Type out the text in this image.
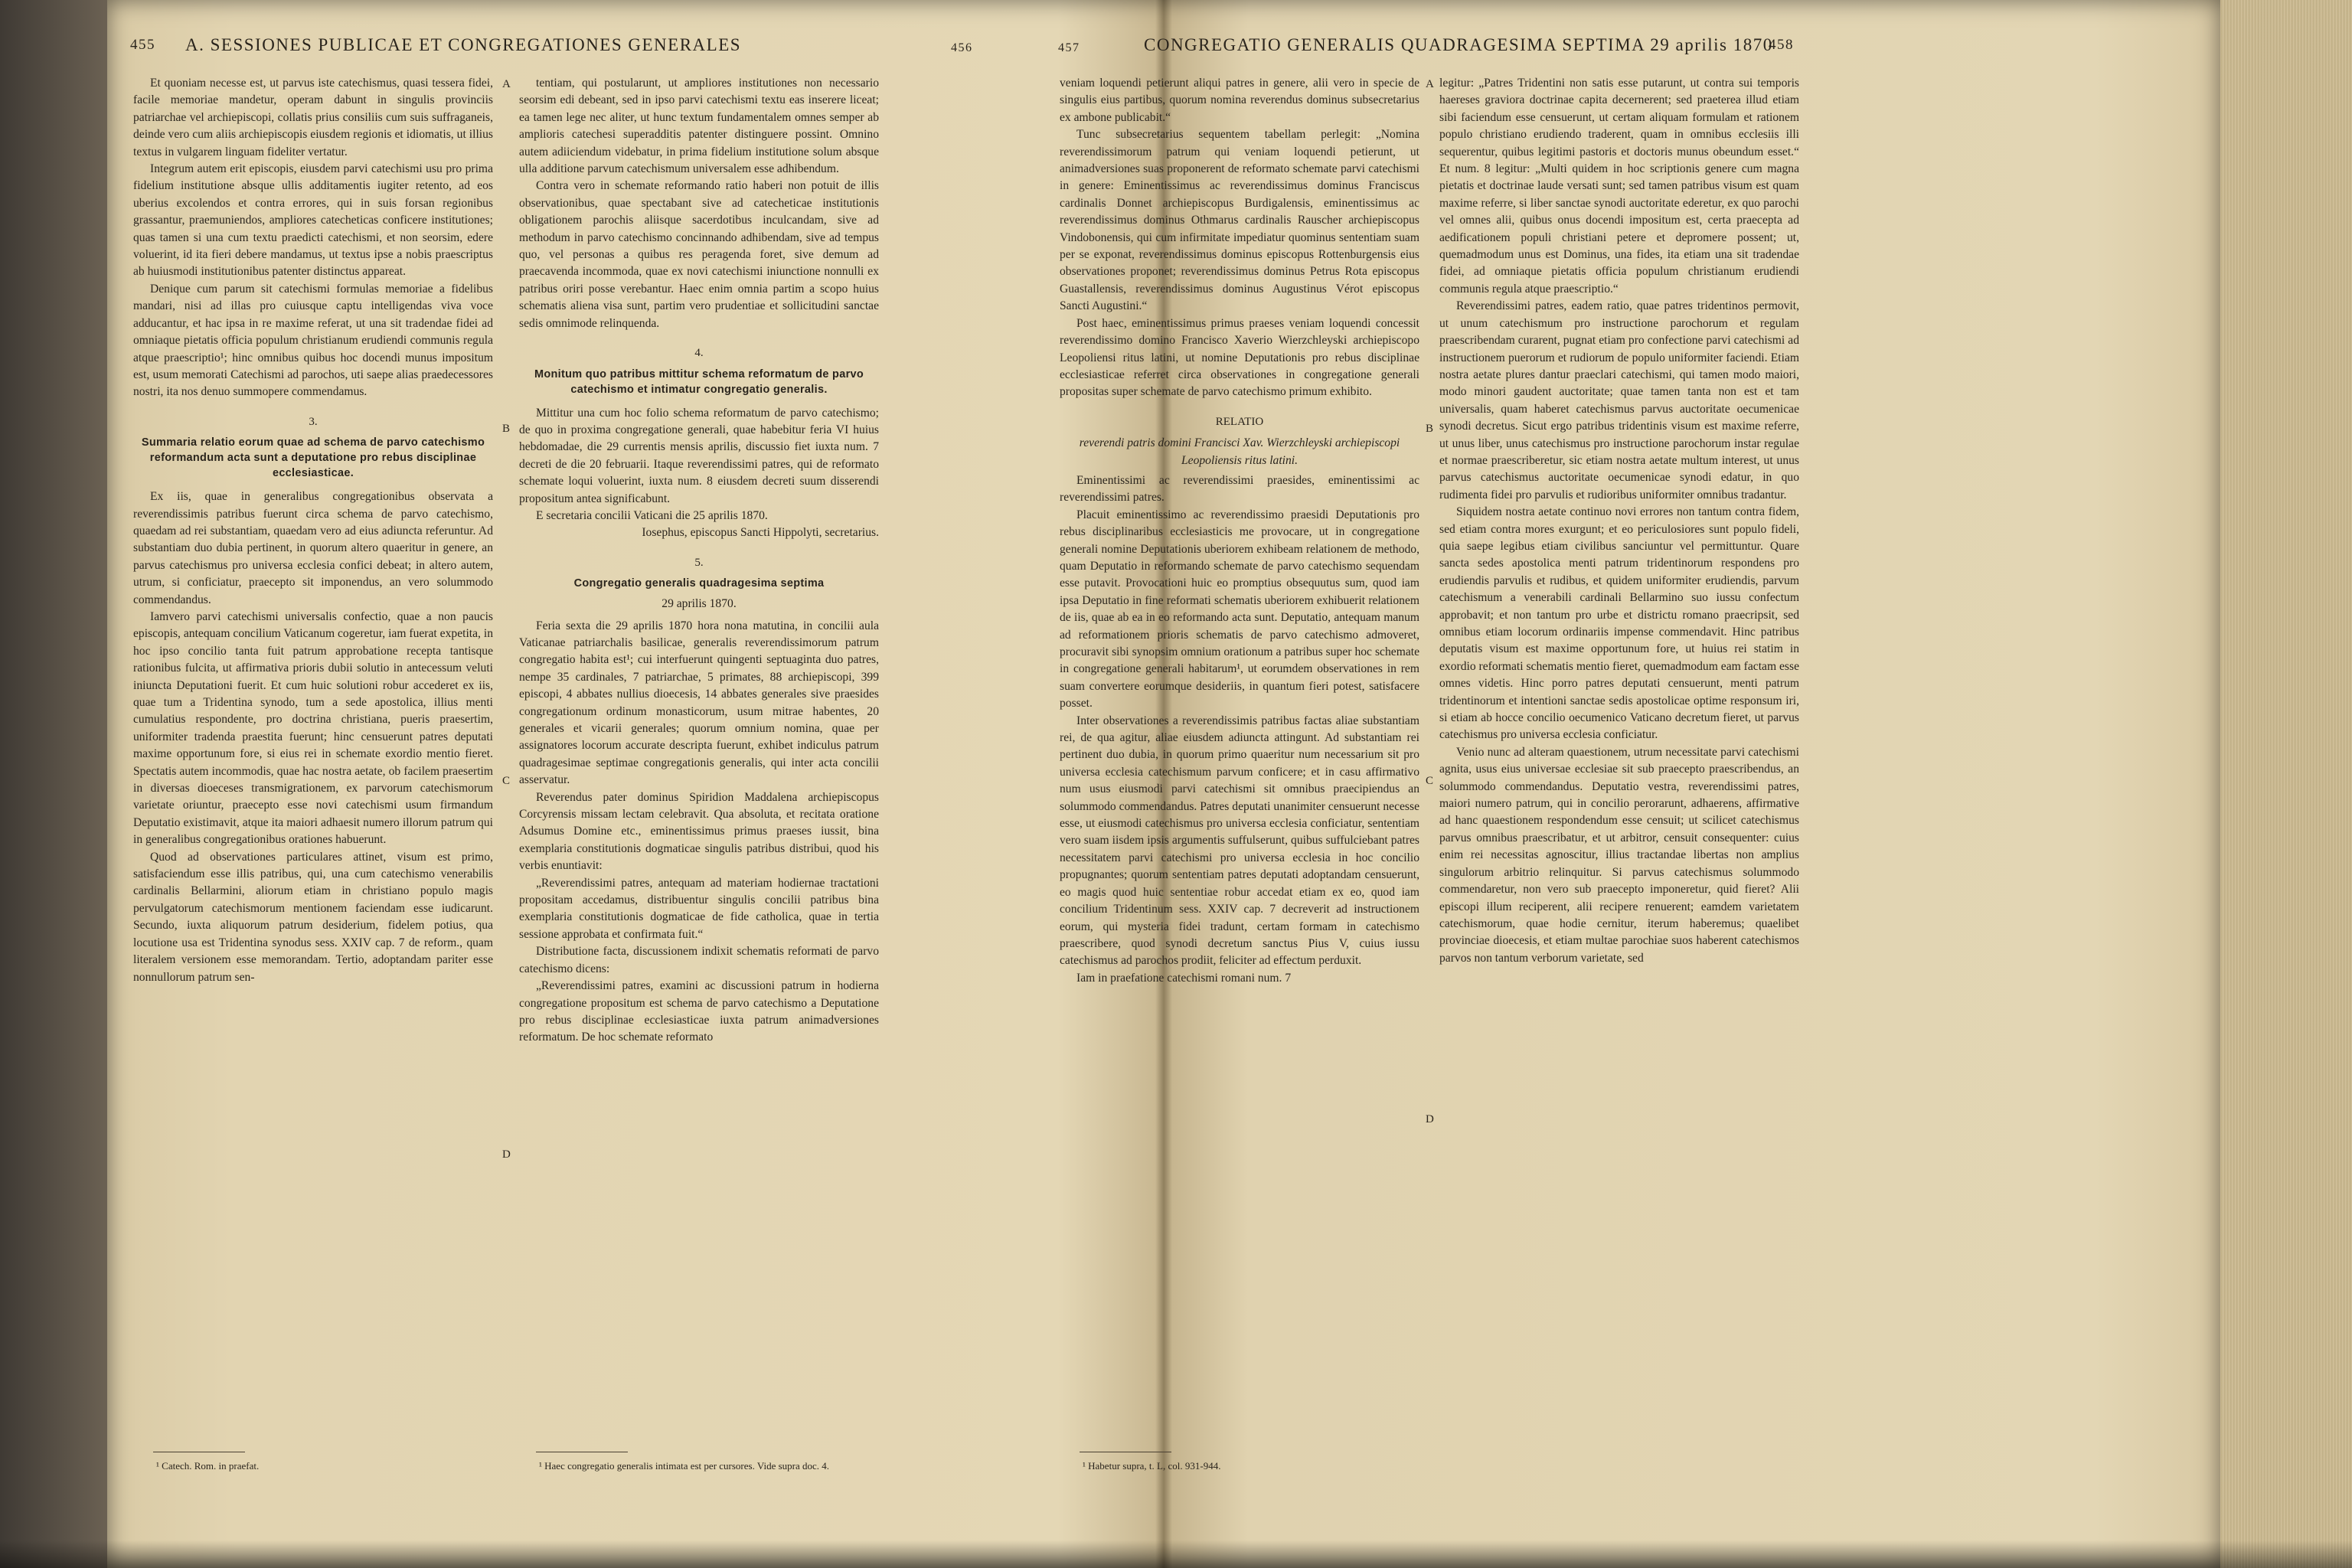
455 A. SESSIONES PUBLICAE ET CONGREGATIONES GENERALES	456

Et quoniam necesse est, ut parvus iste catechismus, quasi tessera fidei, facile memoriae mandetur, operam dabunt in singulis provinciis patriarchae vel archiepiscopi, collatis prius consiliis cum suis suffraganeis, deinde vero cum aliis archiepiscopis eiusdem regionis et idiomatis, ut illius textus in vulgarem linguam fideliter vertatur.

Integrum autem erit episcopis, eiusdem parvi catechismi usu pro prima fidelium institutione absque ullis additamentis iugiter retento, ad eos uberius excolendos et contra errores, qui in suis forsan regionibus grassantur, praemuniendos, ampliores catecheticas conficere institutiones; quas tamen si una cum textu praedicti catechismi, et non seorsim, edere voluerint, id ita fieri debere mandamus, ut textus ipse a nobis praescriptus ab huiusmodi institutionibus patenter distinctus appareat.

Denique cum parum sit catechismi formulas memoriae a fidelibus mandari, nisi ad illas pro cuiusque captu intelligendas viva voce adducantur, et hac ipsa in re maxime referat, ut una sit tradendae fidei ad omniaque pietatis officia populum christianum erudiendi communis regula atque praescriptio¹; hinc omnibus quibus hoc docendi munus impositum est, usum memorati Catechismi ad parochos, uti saepe alias praedecessores nostri, ita nos denuo summopere commendamus.

3.
Summaria relatio eorum quae ad schema de parvo catechismo reformandum acta sunt a deputatione pro rebus disciplinae ecclesiasticae.

Ex iis, quae in generalibus congregationibus observata a reverendissimis patribus fuerunt circa schema de parvo catechismo, quaedam ad rei substantiam, quaedam vero ad eius adiuncta referuntur. Ad substantiam duo dubia pertinent, in quorum altero quaeritur in genere, an parvus catechismus pro universa ecclesia confici debeat; in altero autem, utrum, si conficiatur, praecepto sit imponendus, an vero solummodo commendandus.

Iamvero parvi catechismi universalis confectio, quae a non paucis episcopis, antequam concilium Vaticanum cogeretur, iam fuerat expetita, in hoc ipso concilio tanta fuit patrum approbatione recepta tantisque rationibus fulcita, ut affirmativa prioris dubii solutio in antecessum veluti iniuncta Deputationi fuerit. Et cum huic solutioni robur accederet ex iis, quae tum a Tridentina synodo, tum a sede apostolica, illius menti cumulatius respondente, pro doctrina christiana, pueris praesertim, uniformiter tradenda praestita fuerunt; hinc censuerunt patres deputati maxime opportunum fore, si eius rei in schemate exordio mentio fieret. Spectatis autem incommodis, quae hac nostra aetate, ob facilem praesertim in diversas dioeceses transmigrationem, ex parvorum catechismorum varietate oriuntur, praecepto esse novi catechismi usum firmandum Deputatio existimavit, atque ita maiori adhaesit numero illorum patrum qui in generalibus congregationibus orationes habuerunt.

Quod ad observationes particulares attinet, visum est primo, satisfaciendum esse illis patribus, qui, una cum catechismo venerabilis cardinalis Bellarmini, aliorum etiam in christiano populo magis pervulgatorum catechismorum mentionem faciendam esse iudicarunt. Secundo, iuxta aliquorum patrum desiderium, fidelem potius, qua locutione usa est Tridentina synodus sess. XXIV cap. 7 de reform., quam literalem versionem esse memorandam. Tertio, adoptandam pariter esse nonnullorum patrum sen-

¹ Catech. Rom. in praefat.
A
B
C
D

tentiam, qui postularunt, ut ampliores institutiones non necessario seorsim edi debeant, sed in ipso parvi catechismi textu eas inserere liceat; ea tamen lege nec aliter, ut hunc textum fundamentalem omnes semper ab amplioris catechesi superadditis patenter distinguere possint. Omnino autem adiiciendum videbatur, in prima fidelium institutione solum absque ulla additione parvum catechismum universalem esse adhibendum.

Contra vero in schemate reformando ratio haberi non potuit de illis observationibus, quae spectabant sive ad catecheticae institutionis obligationem parochis aliisque sacerdotibus inculcandam, sive ad methodum in parvo catechismo concinnando adhibendam, sive ad tempus quo, vel personas a quibus res peragenda foret, sive demum ad praecavenda incommoda, quae ex novi catechismi iniunctione nonnulli ex patribus oriri posse verebantur. Haec enim omnia partim a scopo huius schematis aliena visa sunt, partim vero prudentiae et sollicitudini sanctae sedis omnimode relinquenda.

4.
Monitum quo patribus mittitur schema reformatum de parvo catechismo et intimatur congregatio generalis.

Mittitur una cum hoc folio schema reformatum de parvo catechismo; de quo in proxima congregatione generali, quae habebitur feria VI huius hebdomadae, die 29 currentis mensis aprilis, discussio fiet iuxta num. 7 decreti de die 20 februarii. Itaque reverendissimi patres, qui de reformato schemate loqui voluerint, iuxta num. 8 eiusdem decreti suum disserendi propositum antea significabunt.

E secretaria concilii Vaticani die 25 aprilis 1870.

Iosephus, episcopus Sancti Hippolyti, secretarius.

5.
Congregatio generalis quadragesima septima
29 aprilis 1870.

Feria sexta die 29 aprilis 1870 hora nona matutina, in concilii aula Vaticanae patriarchalis basilicae, generalis reverendissimorum patrum congregatio habita est¹; cui interfuerunt quingenti septuaginta duo patres, nempe 35 cardinales, 7 patriarchae, 5 primates, 88 archiepiscopi, 399 episcopi, 4 abbates nullius dioecesis, 14 abbates generales sive praesides congregationum ordinum monasticorum, usum mitrae habentes, 20 generales et vicarii generales; quorum omnium nomina, quae per assignatores locorum accurate descripta fuerunt, exhibet indiculus patrum quadragesimae septimae congregationis generalis, qui inter acta concilii asservatur.

Reverendus pater dominus Spiridion Maddalena archiepiscopus Corcyrensis missam lectam celebravit. Qua absoluta, et recitata oratione Adsumus Domine etc., eminentissimus primus praeses iussit, bina exemplaria constitutionis dogmaticae singulis patribus distribui, quod his verbis enuntiavit:

„Reverendissimi patres, antequam ad materiam hodiernae tractationi propositam accedamus, distribuentur singulis concilii patribus bina exemplaria constitutionis dogmaticae de fide catholica, quae in tertia sessione approbata et confirmata fuit.“

Distributione facta, discussionem indixit schematis reformati de parvo catechismo dicens:

„Reverendissimi patres, examini ac discussioni patrum in hodierna congregatione propositum est schema de parvo catechismo a Deputatione pro rebus disciplinae ecclesiasticae iuxta patrum animadversiones reformatum. De hoc schemate reformato

¹ Haec congregatio generalis intimata est per cursores. Vide supra doc. 4.
457	CONGREGATIO GENERALIS QUADRAGESIMA SEPTIMA 29 aprilis 1870
458

veniam loquendi petierunt aliqui patres in genere, alii vero in specie de singulis eius partibus, quorum nomina reverendus dominus subsecretarius ex ambone publicabit.“

Tunc subsecretarius sequentem tabellam perlegit: „Nomina reverendissimorum patrum qui veniam loquendi petierunt, ut animadversiones suas proponerent de reformato schemate parvi catechismi in genere: Eminentissimus ac reverendissimus dominus Franciscus cardinalis Donnet archiepiscopus Burdigalensis, eminentissimus ac reverendissimus dominus Othmarus cardinalis Rauscher archiepiscopus Vindobonensis, qui cum infirmitate impediatur quominus sententiam suam per se exponat, reverendissimus dominus episcopus Rottenburgensis eius observationes proponet; reverendissimus dominus Petrus Rota episcopus Guastallensis, reverendissimus dominus Augustinus Vérot episcopus Sancti Augustini.“

Post haec, eminentissimus primus praeses veniam loquendi concessit reverendissimo domino Francisco Xaverio Wierzchleyski archiepiscopo Leopoliensi ritus latini, ut nomine Deputationis pro rebus disciplinae ecclesiasticae referret circa observationes in congregatione generali propositas super schemate de parvo catechismo primum exhibito.

RELATIO
reverendi patris domini Francisci Xav. Wierzchleyski archiepiscopi Leopoliensis ritus latini.

Eminentissimi ac reverendissimi praesides, eminentissimi ac reverendissimi patres.

Placuit eminentissimo ac reverendissimo praesidi Deputationis pro rebus disciplinaribus ecclesiasticis me provocare, ut in congregatione generali nomine Deputationis uberiorem exhibeam relationem de methodo, quam Deputatio in reformando schemate de parvo catechismo sequendam esse putavit. Provocationi huic eo promptius obsequutus sum, quod iam ipsa Deputatio in fine reformati schematis uberiorem exhibuerit relationem de iis, quae ab ea in eo reformando acta sunt. Deputatio, antequam manum ad reformationem prioris schematis de parvo catechismo admoveret, procuravit sibi synopsim omnium orationum a patribus super hoc schemate in congregatione generali habitarum¹, ut eorumdem observationes in rem suam convertere eorumque desideriis, in quantum fieri potest, satisfacere posset.

Inter observationes a reverendissimis patribus factas aliae substantiam rei, de qua agitur, aliae eiusdem adiuncta attingunt. Ad substantiam rei pertinent duo dubia, in quorum primo quaeritur num necessarium sit pro universa ecclesia catechismum parvum conficere; et in casu affirmativo num usus eiusmodi parvi catechismi sit omnibus praecipiendus an solummodo commendandus. Patres deputati unanimiter censuerunt necesse esse, ut eiusmodi catechismus pro universa ecclesia conficiatur, sententiam vero suam iisdem ipsis argumentis suffulserunt, quibus suffulciebant patres necessitatem parvi catechismi pro universa ecclesia in hoc concilio propugnantes; quorum sententiam patres deputati adoptandam censuerunt, eo magis quod huic sententiae robur accedat etiam ex eo, quod iam concilium Tridentinum sess. XXIV cap. 7 decreverit ad instructionem eorum, qui mysteria fidei tradunt, certam formam in catechismo praescribere, quod synodi decretum sanctus Pius V, cuius iussu catechismus ad parochos prodiit, feliciter ad effectum perduxit.

Iam in praefatione catechismi romani num. 7

¹ Habetur supra, t. L, col. 931-944.
A
B
C
D

legitur: „Patres Tridentini non satis esse putarunt, ut contra sui temporis haereses graviora doctrinae capita decernerent; sed praeterea illud etiam sibi faciendum esse censuerunt, ut certam aliquam formulam et rationem populo christiano erudiendo traderent, quam in omnibus ecclesiis illi sequerentur, quibus legitimi pastoris et doctoris munus obeundum esset.“ Et num. 8 legitur: „Multi quidem in hoc scriptionis genere cum magna pietatis et doctrinae laude versati sunt; sed tamen patribus visum est quam maxime referre, si liber sanctae synodi auctoritate ederetur, ex quo parochi vel omnes alii, quibus onus docendi impositum est, certa praecepta ad aedificationem populi christiani petere et depromere possent; ut, quemadmodum unus est Dominus, una fides, ita etiam una sit tradendae fidei, ad omniaque pietatis officia populum christianum erudiendi communis regula atque praescriptio.“

Reverendissimi patres, eadem ratio, quae patres tridentinos permovit, ut unum catechismum pro instructione parochorum et regulam praescribendam curarent, pugnat etiam pro confectione parvi catechismi ad instructionem puerorum et rudiorum de populo uniformiter faciendi. Etiam nostra aetate plures dantur praeclari catechismi, qui tamen modo maiori, modo minori gaudent auctoritate; quae tamen tanta non est et tam universalis, quam haberet catechismus parvus auctoritate oecumenicae synodi decretus. Sicut ergo patribus tridentinis visum est maxime referre, ut unus liber, unus catechismus pro instructione parochorum instar regulae et normae praescriberetur, sic etiam nostra aetate multum interest, ut unus parvus catechismus auctoritate oecumenicae synodi edatur, in quo rudimenta fidei pro parvulis et rudioribus uniformiter omnibus tradantur.

Siquidem nostra aetate continuo novi errores non tantum contra fidem, sed etiam contra mores exurgunt; et eo periculosiores sunt populo fideli, quia saepe legibus etiam civilibus sanciuntur vel permittuntur. Quare sancta sedes apostolica menti patrum tridentinorum respondens pro erudiendis parvulis et rudibus, et quidem uniformiter erudiendis, parvum catechismum a venerabili cardinali Bellarmino suo iussu confectum approbavit; et non tantum pro urbe et districtu romano praecripsit, sed omnibus etiam locorum ordinariis impense commendavit. Hinc patribus deputatis visum est maxime opportunum fore, ut huius rei statim in exordio reformati schematis mentio fieret, quemadmodum eam factam esse omnes videtis. Hinc porro patres deputati censuerunt, menti patrum tridentinorum et intentioni sanctae sedis apostolicae optime responsum iri, si etiam ab hocce concilio oecumenico Vaticano decretum fieret, ut parvus catechismus pro universa ecclesia conficiatur.

Venio nunc ad alteram quaestionem, utrum necessitate parvi catechismi agnita, usus eius universae ecclesiae sit sub praecepto praescribendus, an solummodo commendandus. Deputatio vestra, reverendissimi patres, maiori numero patrum, qui in concilio perorarunt, adhaerens, affirmative ad hanc quaestionem respondendum esse censuit; ut scilicet catechismus parvus omnibus praescribatur, et ut arbitror, censuit consequenter: cuius enim rei necessitas agnoscitur, illius tractandae libertas non amplius singulorum arbitrio relinquitur. Si parvus catechismus solummodo commendaretur, non vero sub praecepto imponeretur, quid fieret? Alii episcopi illum reciperent, alii recipere renuerent; eamdem varietatem catechismorum, quae hodie cernitur, iterum haberemus; quaelibet provinciae dioecesis, et etiam multae parochiae suos haberent catechismos parvos non tantum verborum varietate, sed
